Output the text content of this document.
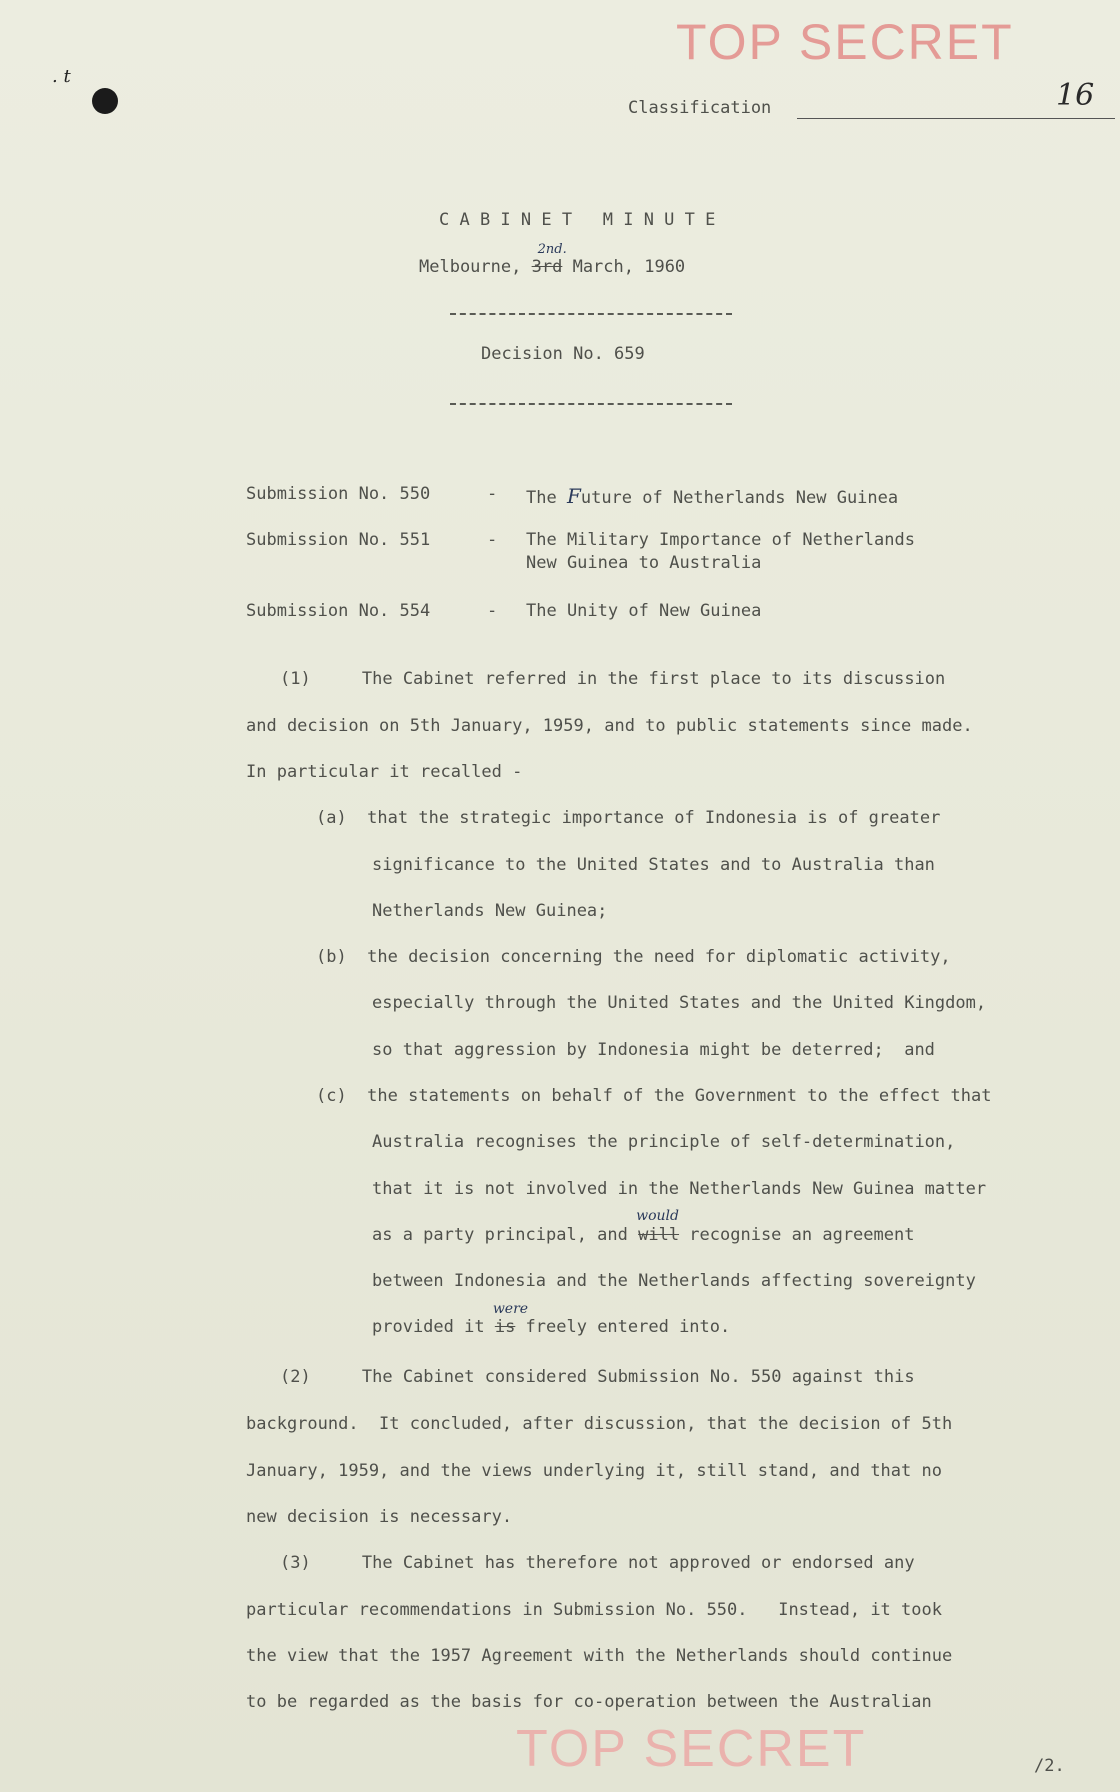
TOP SECRET
Classification	16
. t
C A B I N E T   M I N U T E
Melbourne, 3rd
2nd.
March, 1960
Decision No. 659
Submission No. 550	- The Future of Netherlands New Guinea
Submission No. 551	- The Military Importance of Netherlands
New Guinea to Australia
Submission No. 554	- The Unity of New Guinea
(1)     The Cabinet referred in the first place to its discussion
and decision on 5th January, 1959, and to public statements since made.
In particular it recalled -
(a)  that the strategic importance of Indonesia is of greater
significance to the United States and to Australia than
Netherlands New Guinea;
(b)  the decision concerning the need for diplomatic activity,
especially through the United States and the United Kingdom,
so that aggression by Indonesia might be deterred;  and
(c)  the statements on behalf of the Government to the effect that
Australia recognises the principle of self-determination,
that it is not involved in the Netherlands New Guinea matter
as a party principal, and will
would
recognise an agreement
between Indonesia and the Netherlands affecting sovereignty
provided it is
were
freely entered into.
(2)     The Cabinet considered Submission No. 550 against this
background.  It concluded, after discussion, that the decision of 5th
January, 1959, and the views underlying it, still stand, and that no
new decision is necessary.
(3)     The Cabinet has therefore not approved or endorsed any
particular recommendations in Submission No. 550.   Instead, it took
the view that the 1957 Agreement with the Netherlands should continue
to be regarded as the basis for co-operation between the Australian
TOP SECRET	/2.
